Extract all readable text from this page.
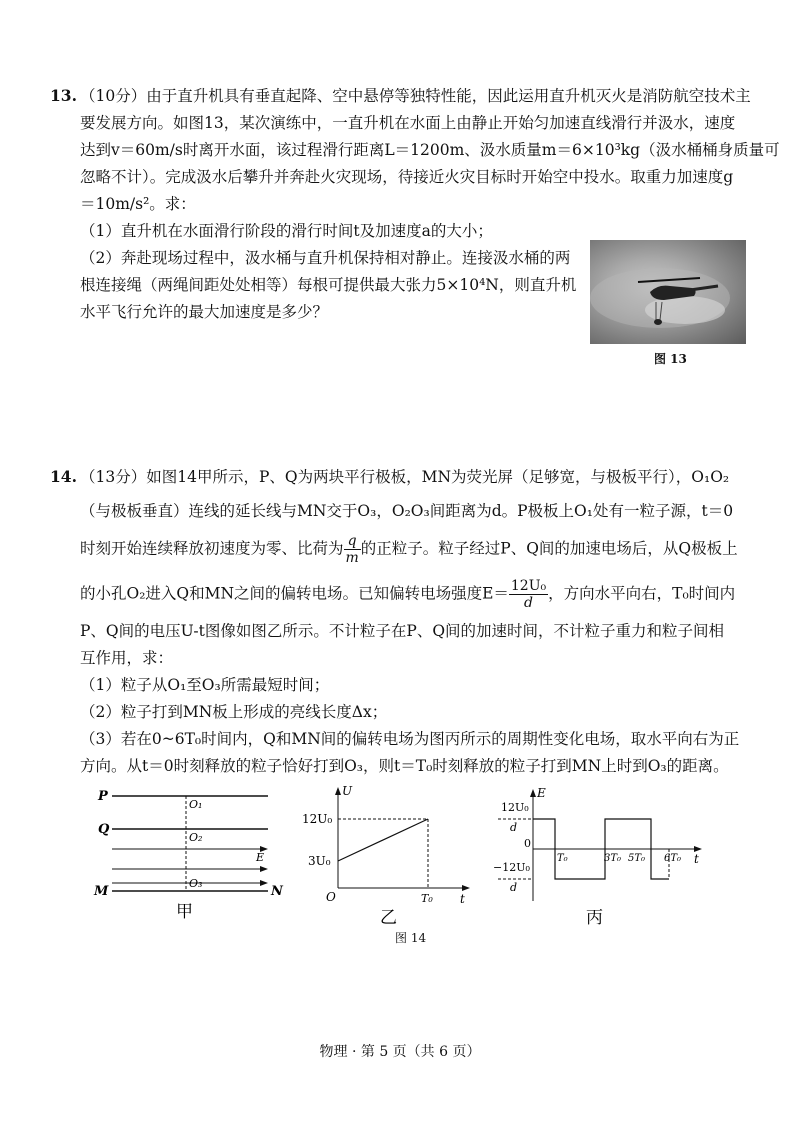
13. （10分）由于直升机具有垂直起降、空中悬停等独特性能，因此运用直升机灭火是消防航空技术主
要发展方向。如图13，某次演练中，一直升机在水面上由静止开始匀加速直线滑行并汲水，速度
达到v＝60m/s时离开水面，该过程滑行距离L＝1200m、汲水质量m＝6×10³kg（汲水桶桶身质量可
忽略不计）。完成汲水后攀升并奔赴火灾现场，待接近火灾目标时开始空中投水。取重力加速度g
＝10m/s²。求：
（1）直升机在水面滑行阶段的滑行时间t及加速度a的大小；
（2）奔赴现场过程中，汲水桶与直升机保持相对静止。连接汲水桶的两
根连接绳（两绳间距处处相等）每根可提供最大张力5×10⁴N，则直升机
水平飞行允许的最大加速度是多少？
图 13
14. （13分）如图14甲所示，P、Q为两块平行极板，MN为荧光屏（足够宽，与极板平行），O₁O₂
（与极板垂直）连线的延长线与MN交于O₃，O₂O₃间距离为d。P极板上O₁处有一粒子源，t＝0
时刻开始连续释放初速度为零、比荷为 $\frac{q}{m}$ 的正粒子。粒子经过P、Q间的加速电场后，从Q极板上
的小孔O₂进入Q和MN之间的偏转电场。已知偏转电场强度$E= \frac{\text{12U₀}}{d}$ ，方向水平向右，T₀时间内
P、Q间的电压U-t图像如图乙所示。不计粒子在P、Q间的加速时间，不计粒子重力和粒子间相
互作用，求：
（1）粒子从O₁至O₃所需最短时间；
（2）粒子打到MN板上形成的亮线长度Δx；
（3）若在0~6T₀时间内，Q和MN间的偏转电场为图丙所示的周期性变化电场，取水平向右为正
方向。从t＝0时刻释放的粒子恰好打到O₃，则t＝T₀时刻释放的粒子打到MN上时到O₃的距离。
P
Q
M	N
O₁
O₂
O₃
E
甲
U
t
O
12U₀
3U₀
T₀
乙
E
t
0
12U₀
d
−12U₀
d
T₀	3T₀ 5T₀ 6T₀
丙
图 14
物理 · 第 5 页（共 6 页）
